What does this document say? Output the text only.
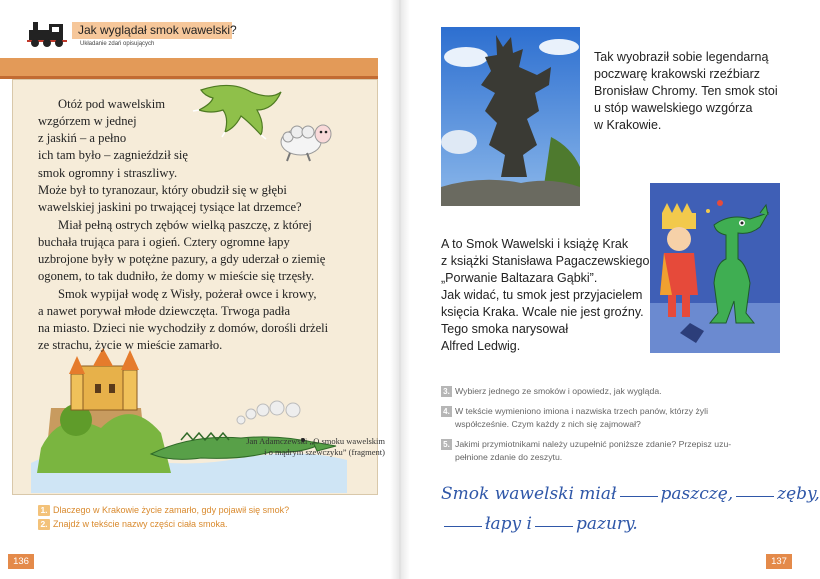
Jak wyglądał smok wawelski?
Układanie zdań opisujących
Jan Adamczewski „O smoku wawelskim
i o mądrym szewczyku” (fragment)
Otóż pod wawelskim
wzgórzem w jednej
z jaskiń – a pełno
ich tam było – zagnieździł się
smok ogromny i straszliwy.
Może był to tyranozaur, który obudził się w głębi
wawelskiej jaskini po trwającej tysiące lat drzemce?
Miał pełną ostrych zębów wielką paszczę, z której
buchała trująca para i ogień. Cztery ogromne łapy
uzbrojone były w potężne pazury, a gdy uderzał o ziemię
ogonem, to tak dudniło, że domy w mieście się trzęsły.
Smok wypijał wodę z Wisły, pożerał owce i krowy,
a nawet porywał młode dziewczęta. Trwoga padła
na miasto. Dzieci nie wychodziły z domów, dorośli drżeli
ze strachu, życie w mieście zamarło.
1. Dlaczego w Krakowie życie zamarło, gdy pojawił się smok?
2. Znajdź w tekście nazwy części ciała smoka.
136
Tak wyobraził sobie legendarną
poczwarę krakowski rzeźbiarz
Bronisław Chromy. Ten smok stoi
u stóp wawelskiego wzgórza
w Krakowie.
A to Smok Wawelski i książę Krak
z książki Stanisława Pagaczewskiego
„Porwanie Baltazara Gąbki”.
Jak widać, tu smok jest przyjacielem
księcia Kraka. Wcale nie jest groźny.
Tego smoka narysował
Alfred Ledwig.
3. Wybierz jednego ze smoków i opowiedz, jak wygląda.
4. W tekście wymieniono imiona i nazwiska trzech panów, którzy żyli
współcześnie. Czym każdy z nich się zajmował?
5. Jakimi przymiotnikami należy uzupełnić poniższe zdanie? Przepisz uzu-
pełnione zdanie do zeszytu.
Smok wawelski miał	paszczę,	zęby,
łapy i	pazury.
137
